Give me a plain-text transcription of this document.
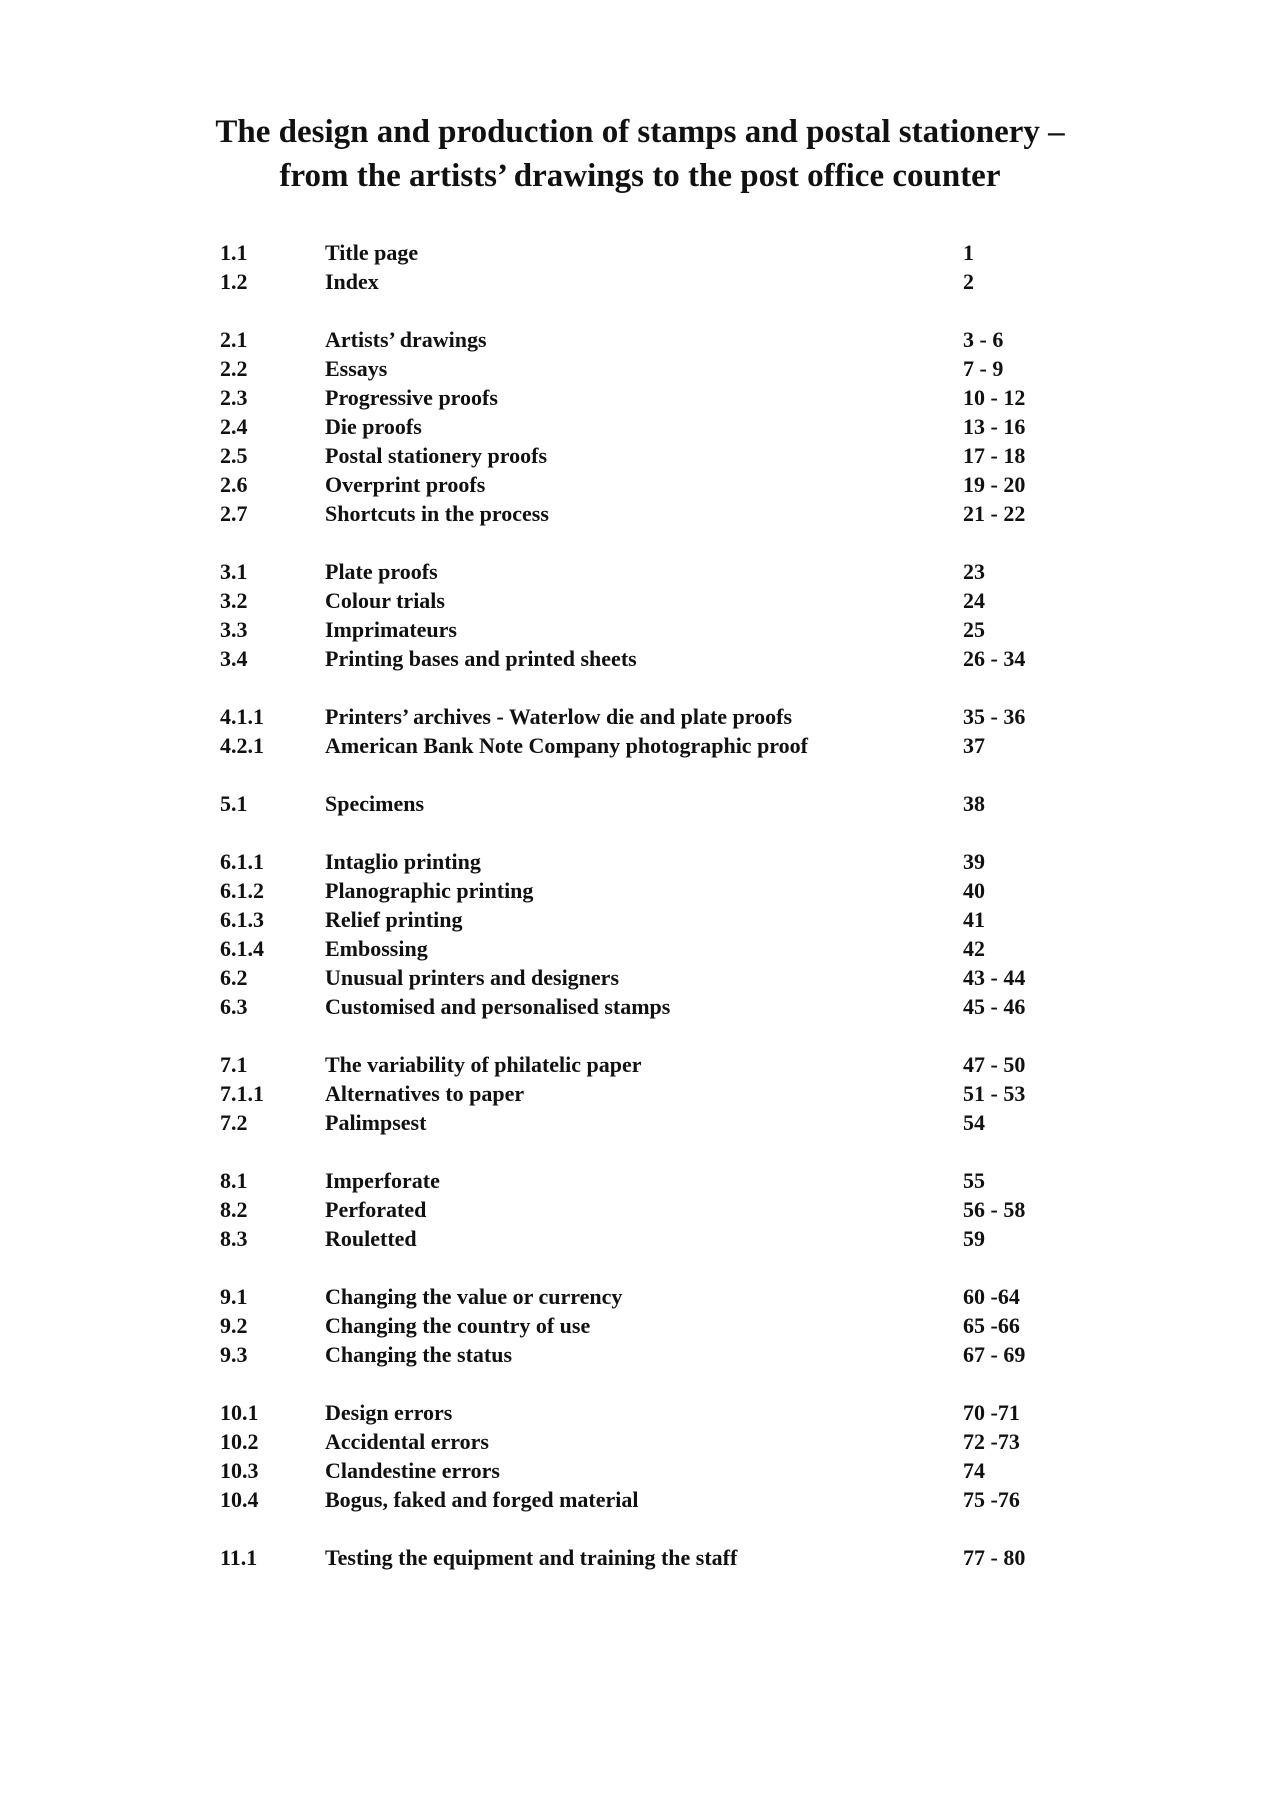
The design and production of stamps and postal stationery –
from the artists’ drawings to the post office counter
1.1	Title page	1
1.2	Index	2
2.1	Artists’ drawings	3 - 6
2.2	Essays	7 - 9
2.3	Progressive proofs	10 - 12
2.4	Die proofs	13 - 16
2.5	Postal stationery proofs	17 - 18
2.6	Overprint proofs	19 - 20
2.7	Shortcuts in the process	21 - 22
3.1	Plate proofs	23
3.2	Colour trials	24
3.3	Imprimateurs	25
3.4	Printing bases and printed sheets	26 - 34
4.1.1	Printers’ archives - Waterlow die and plate proofs	35 - 36
4.2.1	American Bank Note Company photographic proof	37
5.1	Specimens	38
6.1.1	Intaglio printing	39
6.1.2	Planographic printing	40
6.1.3	Relief printing	41
6.1.4	Embossing	42
6.2	Unusual printers and designers	43 - 44
6.3	Customised and personalised stamps	45 - 46
7.1	The variability of philatelic paper	47 - 50
7.1.1	Alternatives to paper	51 - 53
7.2	Palimpsest	54
8.1	Imperforate	55
8.2	Perforated	56 - 58
8.3	Rouletted	59
9.1	Changing the value or currency	60 -64
9.2	Changing the country of use	65 -66
9.3	Changing the status	67 - 69
10.1	Design errors	70 -71
10.2	Accidental errors	72 -73
10.3	Clandestine errors	74
10.4	Bogus, faked and forged material	75 -76
11.1	Testing the equipment and training the staff	77 - 80
